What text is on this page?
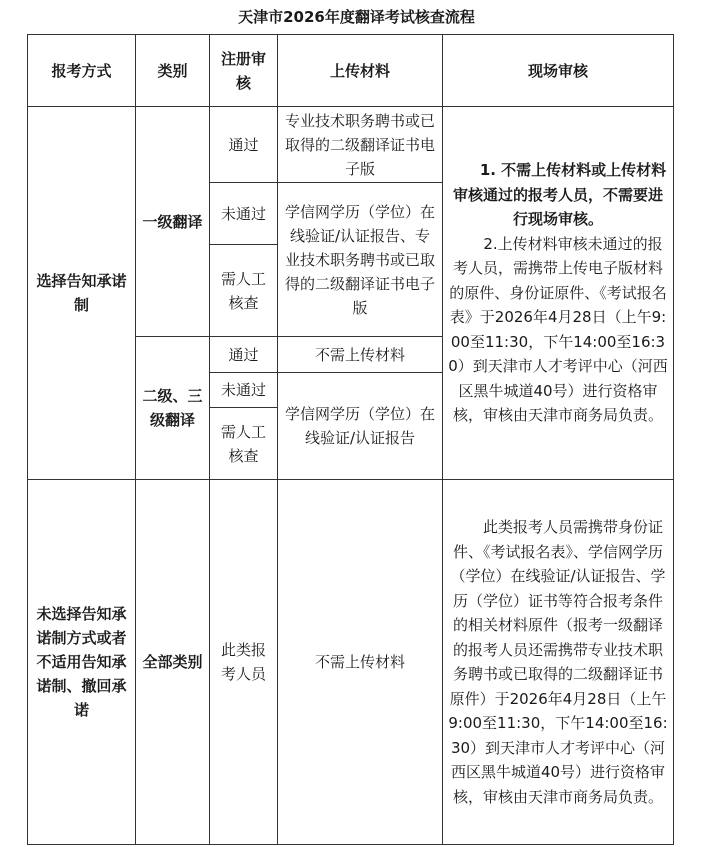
天津市2026年度翻译考试核查流程
报考方式	类别	注册审核	上传材料	现场审核
选择告知承诺制	一级翻译	通过	专业技术职务聘书或已取得的二级翻译证书电子版	1. 不需上传材料或上传材料审核通过的报考人员，不需要进行现场审核。

2.上传材料审核未通过的报考人员，需携带上传电子版材料的原件、身份证原件、《考试报名表》于2026年4月28日（上午9:00至11:30，下午14:00至16:30）到天津市人才考评中心（河西区黑牛城道40号）进行资格审核，审核由天津市商务局负责。

		未通过	学信网学历（学位）在线验证/认证报告、专业技术职务聘书或已取得的二级翻译证书电子版	
		需人工核查		
	二级、三级翻译	通过	不需上传材料	
		未通过	学信网学历（学位）在线验证/认证报告	
		需人工核查		

未选择告知承诺制方式或者不适用告知承诺制、撤回承诺	全部类别	此类报考人员	不需上传材料	此类报考人员需携带身份证件、《考试报名表》、学信网学历（学位）在线验证/认证报告、学历（学位）证书等符合报考条件的相关材料原件（报考一级翻译的报考人员还需携带专业技术职务聘书或已取得的二级翻译证书原件）于2026年4月28日（上午9:00至11:30，下午14:00至16:30）到天津市人才考评中心（河西区黑牛城道40号）进行资格审核，审核由天津市商务局负责。
